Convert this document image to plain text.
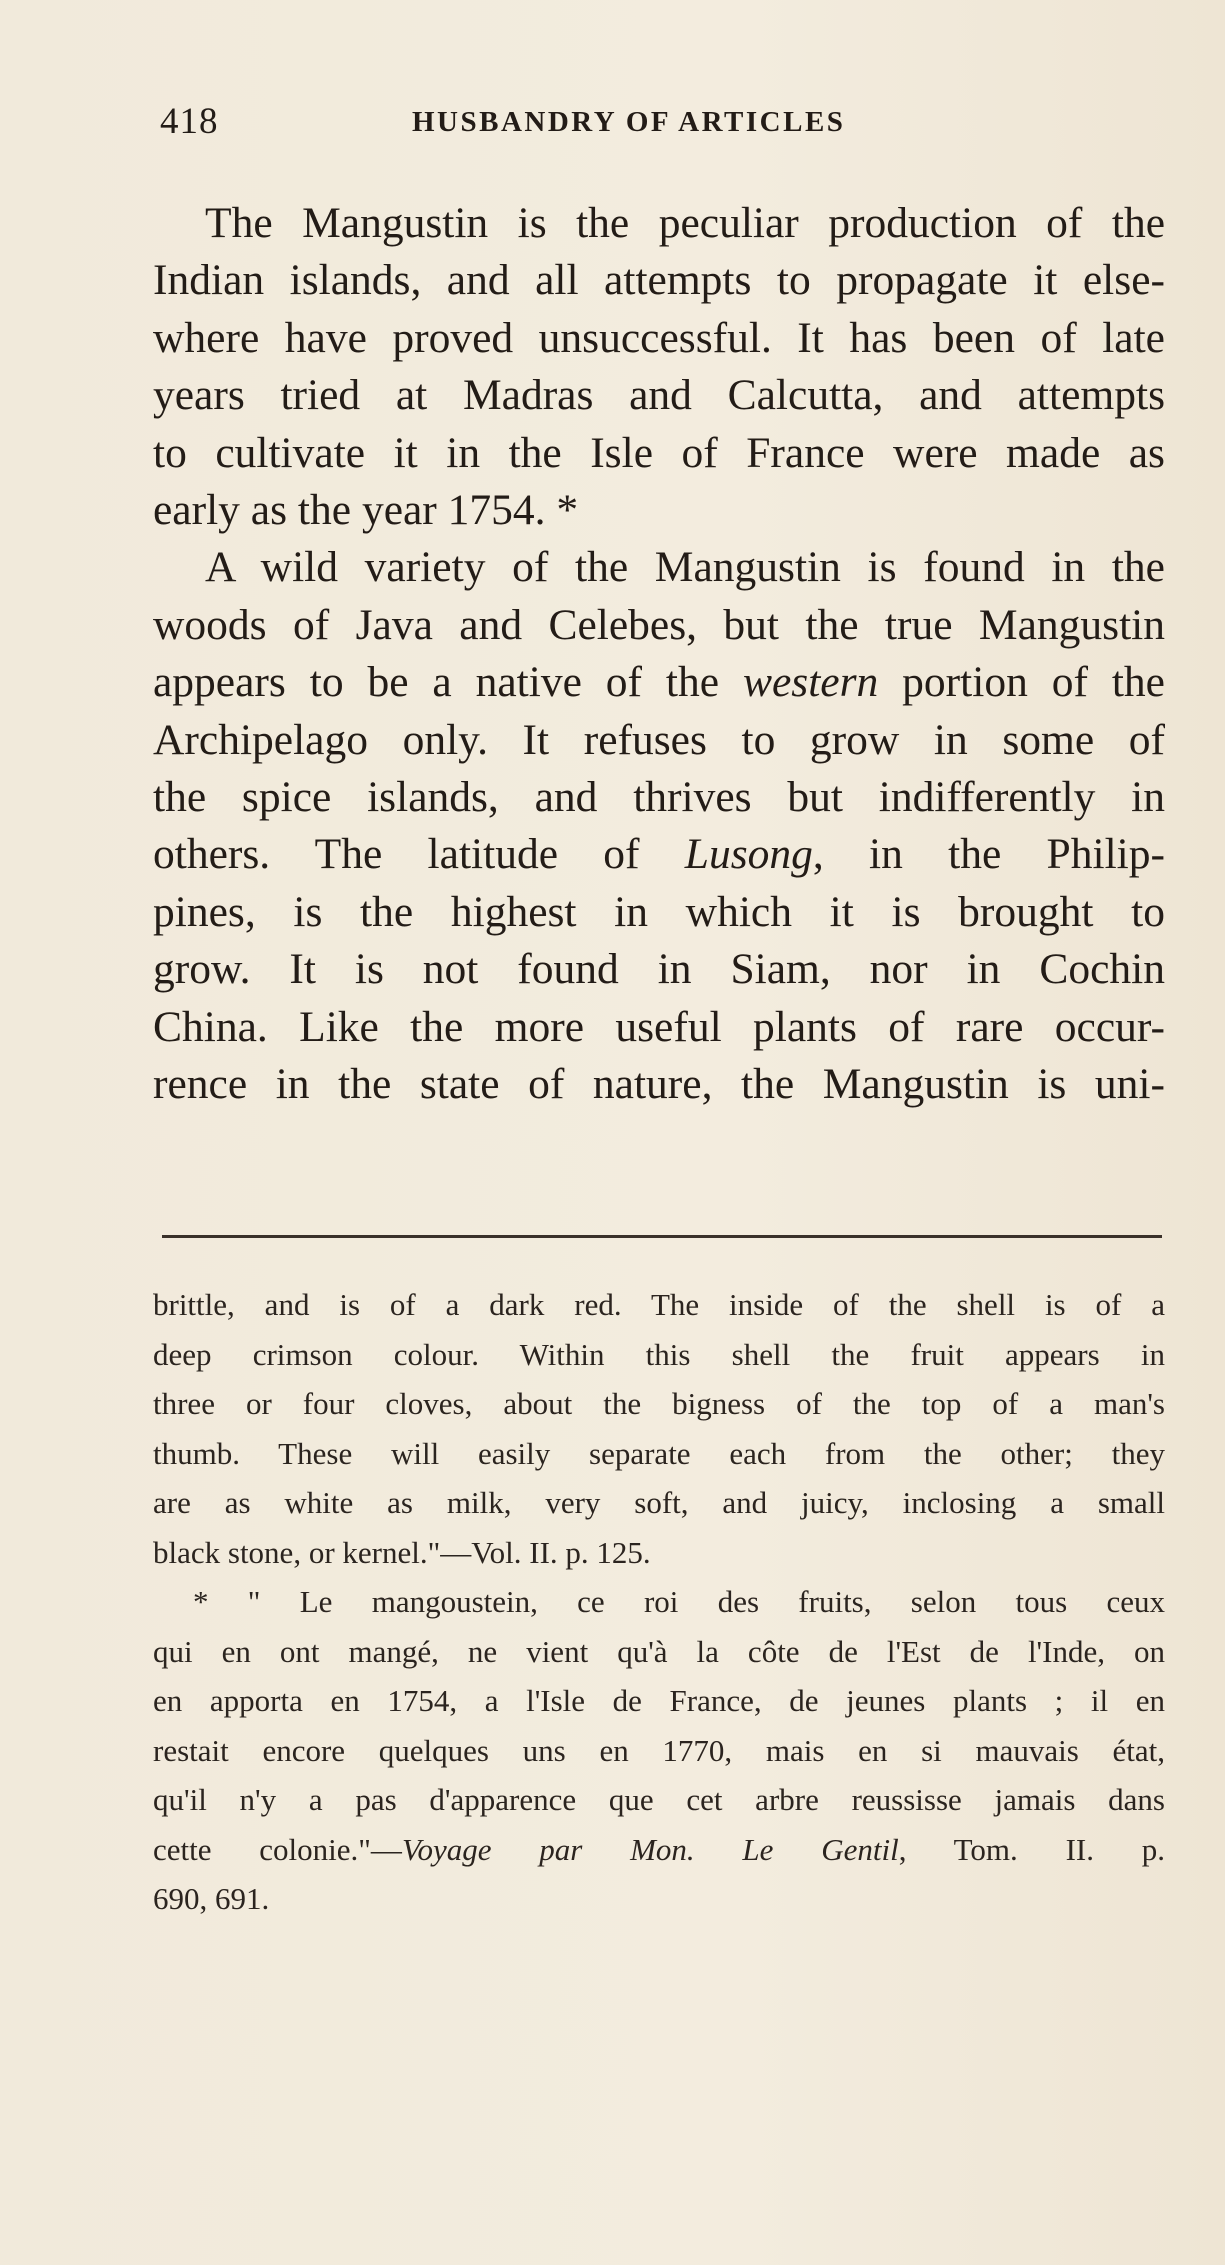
418	HUSBANDRY OF ARTICLES
The Mangustin is the peculiar production of the
Indian islands, and all attempts to propagate it else-
where have proved unsuccessful. It has been of late
years tried at Madras and Calcutta, and attempts
to cultivate it in the Isle of France were made as
early as the year 1754. *
A wild variety of the Mangustin is found in the
woods of Java and Celebes, but the true Mangustin
appears to be a native of the western portion of the
Archipelago only. It refuses to grow in some of
the spice islands, and thrives but indifferently in
others. The latitude of Lusong, in the Philip-
pines, is the highest in which it is brought to
grow. It is not found in Siam, nor in Cochin
China. Like the more useful plants of rare occur-
rence in the state of nature, the Mangustin is uni-
brittle, and is of a dark red. The inside of the shell is of a
deep crimson colour. Within this shell the fruit appears in
three or four cloves, about the bigness of the top of a man's
thumb. These will easily separate each from the other; they
are as white as milk, very soft, and juicy, inclosing a small
black stone, or kernel."—Vol. II. p. 125.
* " Le mangoustein, ce roi des fruits, selon tous ceux
qui en ont mangé, ne vient qu'à la côte de l'Est de l'Inde, on
en apporta en 1754, a l'Isle de France, de jeunes plants ; il en
restait encore quelques uns en 1770, mais en si mauvais état,
qu'il n'y a pas d'apparence que cet arbre reussisse jamais dans
cette colonie."—Voyage par Mon. Le Gentil, Tom. II. p.
690, 691.
